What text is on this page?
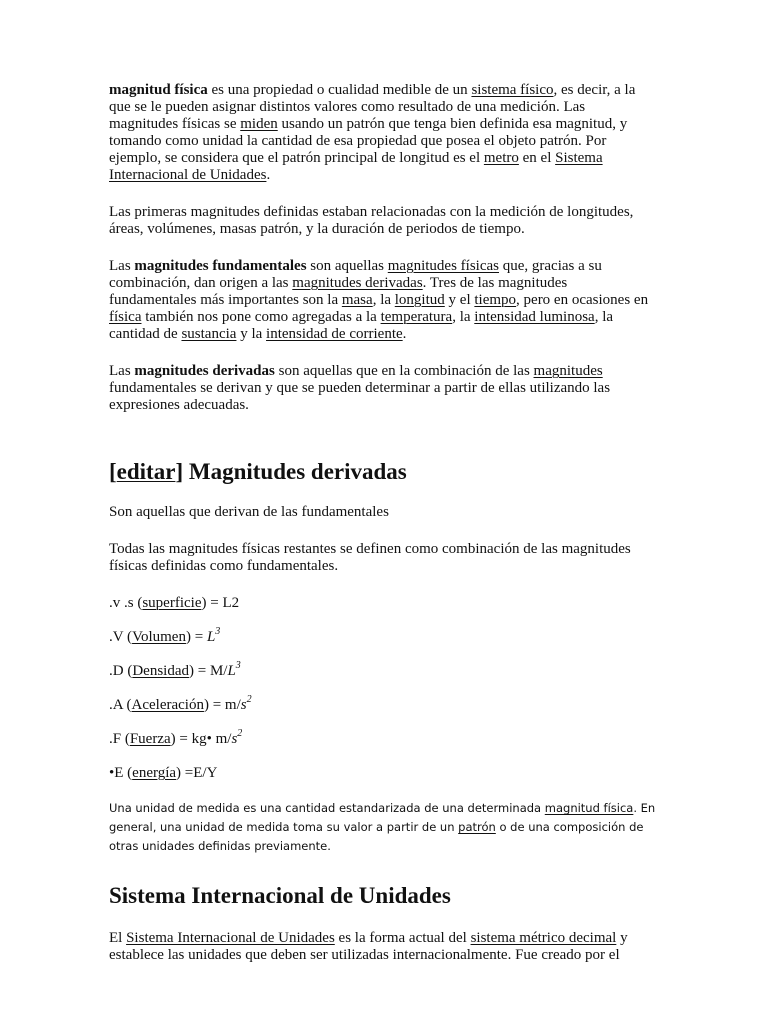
magnitud física es una propiedad o cualidad medible de un sistema físico, es decir, a la que se le pueden asignar distintos valores como resultado de una medición. Las magnitudes físicas se miden usando un patrón que tenga bien definida esa magnitud, y tomando como unidad la cantidad de esa propiedad que posea el objeto patrón. Por ejemplo, se considera que el patrón principal de longitud es el metro en el Sistema Internacional de Unidades.

Las primeras magnitudes definidas estaban relacionadas con la medición de longitudes, áreas, volúmenes, masas patrón, y la duración de periodos de tiempo.

Las magnitudes fundamentales son aquellas magnitudes físicas que, gracias a su combinación, dan origen a las magnitudes derivadas. Tres de las magnitudes fundamentales más importantes son la masa, la longitud y el tiempo, pero en ocasiones en física también nos pone como agregadas a la temperatura, la intensidad luminosa, la cantidad de sustancia y la intensidad de corriente.

Las magnitudes derivadas son aquellas que en la combinación de las magnitudes fundamentales se derivan y que se pueden determinar a partir de ellas utilizando las expresiones adecuadas.

[editar] Magnitudes derivadas

Son aquellas que derivan de las fundamentales

Todas las magnitudes físicas restantes se definen como combinación de las magnitudes físicas definidas como fundamentales.

.v .s (superficie) = L2

.V (Volumen) = $L^3$

.D (Densidad) = $M/L^3$

.A (Aceleración) = $m/s^2$

.F (Fuerza) = kg• $m/s^2$

•E (energía) =E/Y

Una unidad de medida es una cantidad estandarizada de una determinada magnitud física. En general, una unidad de medida toma su valor a partir de un patrón o de una composición de otras unidades definidas previamente.

Sistema Internacional de Unidades

El Sistema Internacional de Unidades es la forma actual del sistema métrico decimal y establece las unidades que deben ser utilizadas internacionalmente. Fue creado por el
